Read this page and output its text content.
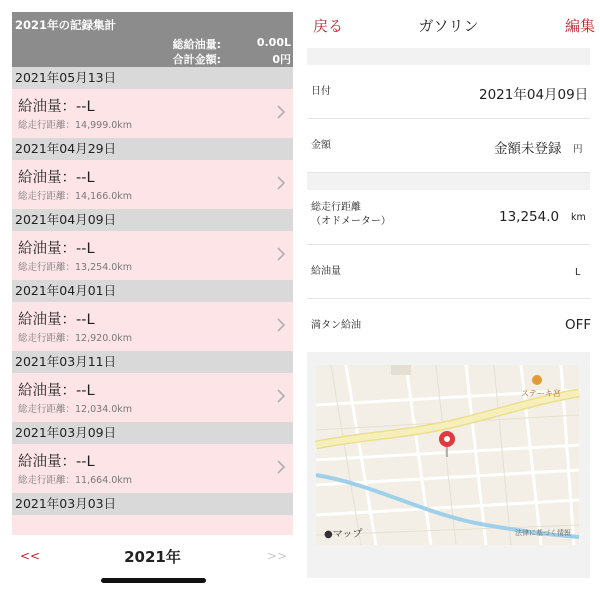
2021年の記録集計
総給油量:	0.00L
合計金額:	0円
2021年05月13日
給油量：--L
総走行距離：14,999.0km
2021年04月29日
給油量：--L
総走行距離：14,166.0km
2021年04月09日
給油量：--L
総走行距離：13,254.0km
2021年04月01日
給油量：--L
総走行距離：12,920.0km
2021年03月11日
給油量：--L
総走行距離：12,034.0km
2021年03月09日
給油量：--L
総走行距離：11,664.0km
2021年03月03日
<<	2021年	>>
戻る	ガソリン	編集
日付	2021年04月09日
金額	金額未登録 円
総走行距離
（オドメーター）	13,254.0 km
給油量	L
満タン給油	OFF
ステーキ宮
●マップ	法律に基づく情報
